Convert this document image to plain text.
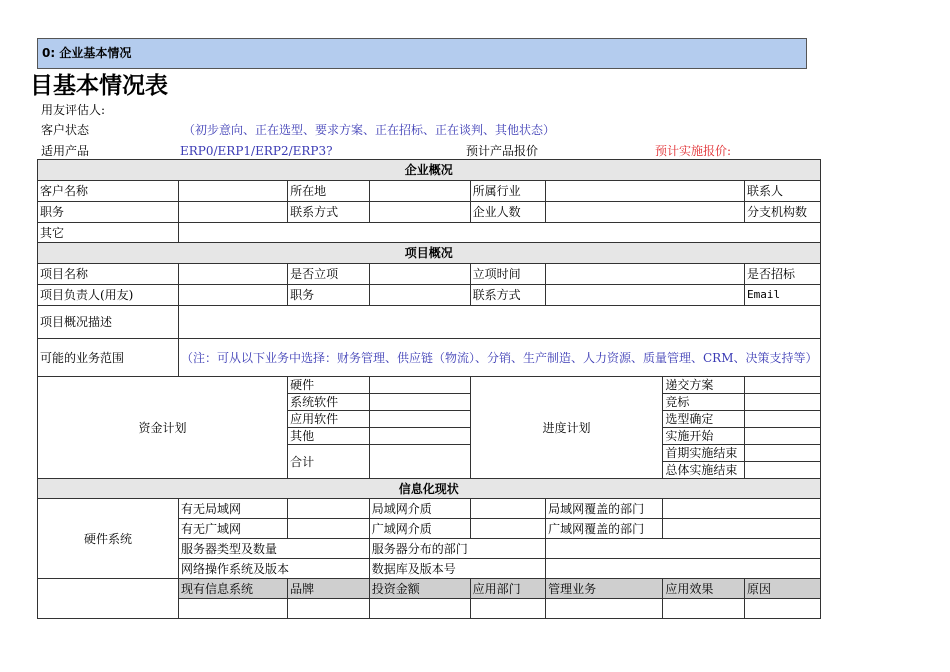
0: 企业基本情况
目基本情况表
用友评估人:
客户状态	（初步意向、正在选型、要求方案、正在招标、正在谈判、其他状态）
适用产品	ERP0/ERP1/ERP2/ERP3?	预计产品报价	预计实施报价:
企业概况							
客户名称		所在地		所属行业			联系人
职务		联系方式		企业人数			分支机构数
其它							
项目概况							
项目名称		是否立项		立项时间			是否招标
项目负责人(用友)		职务		联系方式			Email
项目概况描述							
可能的业务范围	（注：可从以下业务中选择：财务管理、供应链（物流）、分销、生产制造、人力资源、质量管理、CRM、决策支持等）						
资金计划		硬件		进度计划		递交方案	
		系统软件				竞标	
		应用软件				选型确定	
		其他				实施开始	
		合计				首期实施结束	
						总体实施结束	
信息化现状							
硬件系统	有无局域网		局域网介质		局域网覆盖的部门		
	有无广域网		广域网介质		广域网覆盖的部门		
	服务器类型及数量		服务器分布的部门				
	网络操作系统及版本		数据库及版本号				
	现有信息系统	品牌	投资金额	应用部门	管理业务	应用效果	原因
